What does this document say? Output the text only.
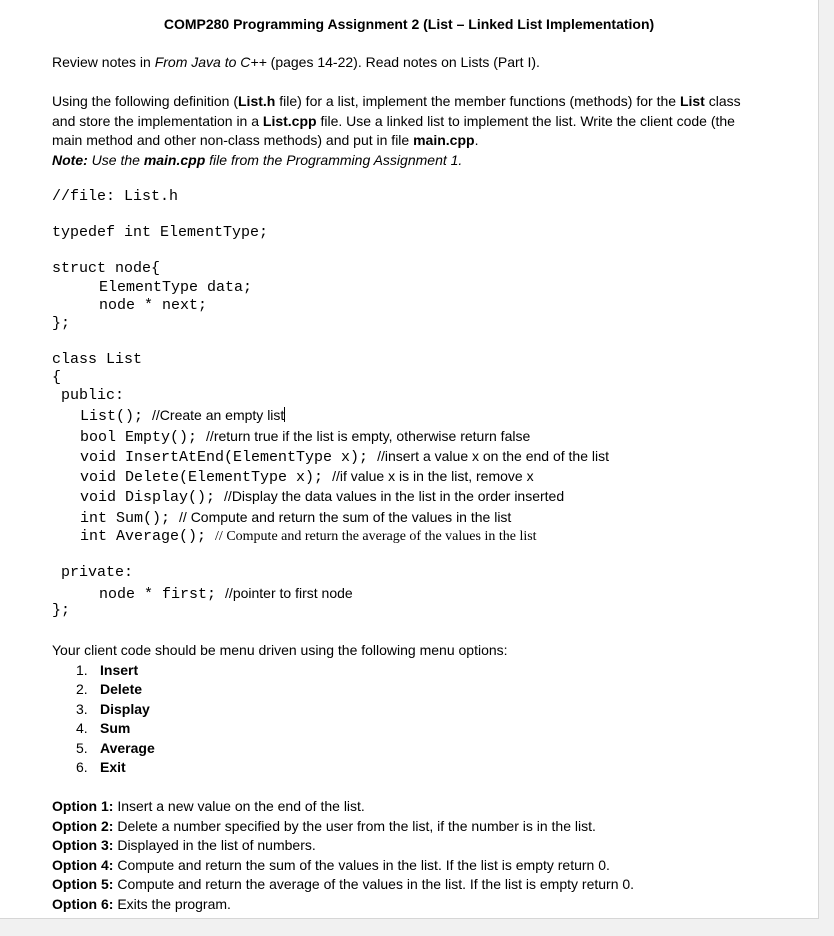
COMP280 Programming Assignment 2 (List – Linked List Implementation)
Review notes in From Java to C++ (pages 14-22). Read notes on Lists (Part I).
Using the following definition (List.h file) for a list, implement the member functions (methods) for the List class and store the implementation in a List.cpp file. Use a linked list to implement the list. Write the client code (the main method and other non-class methods) and put in file main.cpp.
Note: Use the main.cpp file from the Programming Assignment 1.
//file: List.h
typedef int ElementType;
struct node{
ElementType data;
node * next;
};
class List
{
public:
List(); //Create an empty list
bool Empty(); //return true if the list is empty, otherwise return false
void InsertAtEnd(ElementType x); //insert a value x on the end of the list
void Delete(ElementType x); //if value x is in the list, remove x
void Display(); //Display the data values in the list in the order inserted
int Sum(); // Compute and return the sum of the values in the list
int Average(); // Compute and return the average of the values in the list
private:
node * first; //pointer to first node
};
Your client code should be menu driven using the following menu options:
1. Insert
2. Delete
3. Display
4. Sum
5. Average
6. Exit
Option 1: Insert a new value on the end of the list.
Option 2: Delete a number specified by the user from the list, if the number is in the list.
Option 3: Displayed in the list of numbers.
Option 4: Compute and return the sum of the values in the list. If the list is empty return 0.
Option 5: Compute and return the average of the values in the list. If the list is empty return 0.
Option 6: Exits the program.
